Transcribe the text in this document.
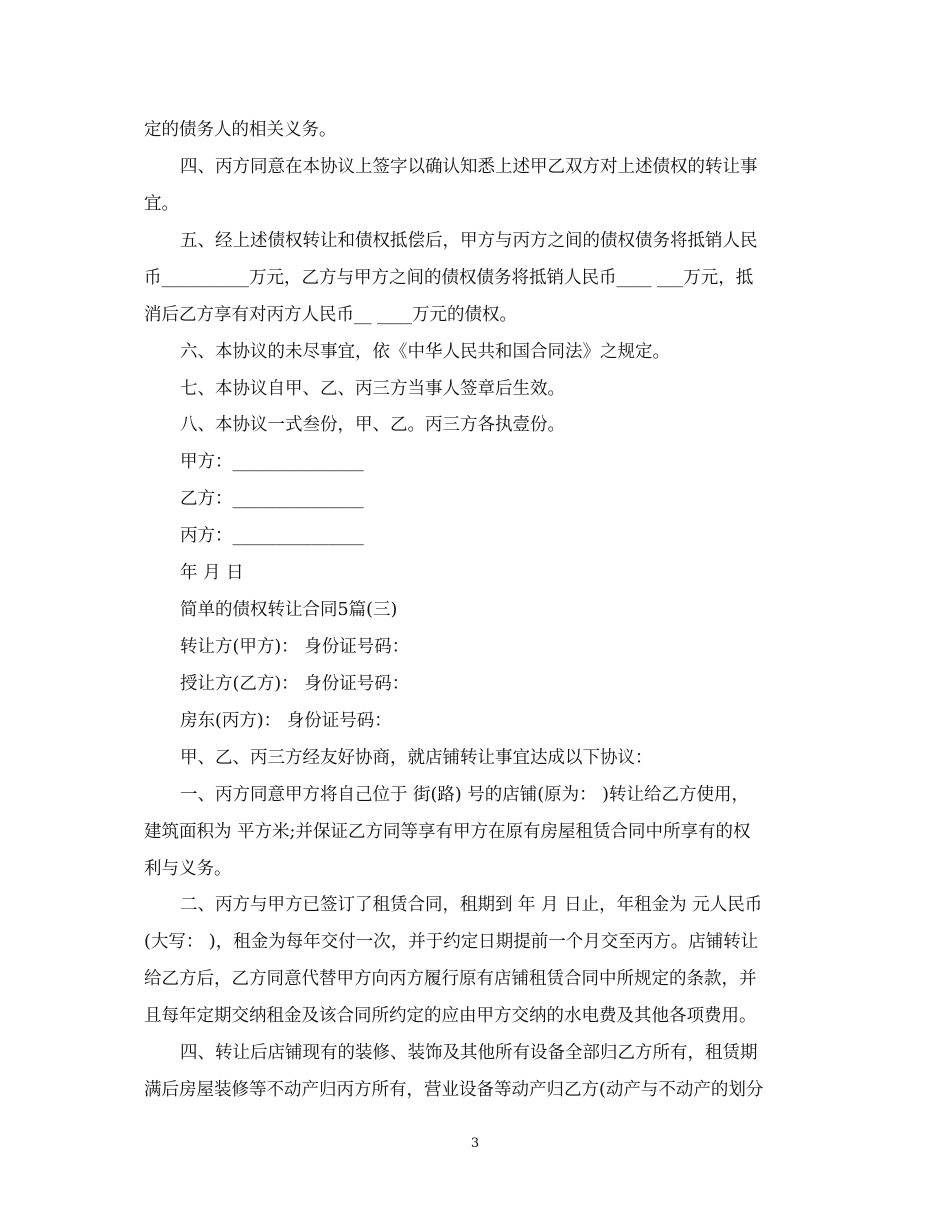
定的债务人的相关义务。
四、丙方同意在本协议上签字以确认知悉上述甲乙双方对上述债权的转让事
宜。
五、经上述债权转让和债权抵偿后，甲方与丙方之间的债权债务将抵销人民
币__________万元，乙方与甲方之间的债权债务将抵销人民币____ ___万元，抵
消后乙方享有对丙方人民币__ ____万元的债权。
六、本协议的未尽事宜，依《中华人民共和国合同法》之规定。
七、本协议自甲、乙、丙三方当事人签章后生效。
八、本协议一式叁份，甲、乙。丙三方各执壹份。
甲方：_______________
乙方：_______________
丙方：_______________
年 月 日
简单的债权转让合同5篇(三)
转让方(甲方)： 身份证号码：
授让方(乙方)： 身份证号码：
房东(丙方)： 身份证号码：
甲、乙、丙三方经友好协商，就店铺转让事宜达成以下协议：
一、丙方同意甲方将自己位于 街(路) 号的店铺(原为： )转让给乙方使用，
建筑面积为 平方米;并保证乙方同等享有甲方在原有房屋租赁合同中所享有的权
利与义务。
二、丙方与甲方已签订了租赁合同，租期到 年 月 日止，年租金为 元人民币
(大写： )，租金为每年交付一次，并于约定日期提前一个月交至丙方。店铺转让
给乙方后，乙方同意代替甲方向丙方履行原有店铺租赁合同中所规定的条款，并
且每年定期交纳租金及该合同所约定的应由甲方交纳的水电费及其他各项费用。
四、转让后店铺现有的装修、装饰及其他所有设备全部归乙方所有，租赁期
满后房屋装修等不动产归丙方所有，营业设备等动产归乙方(动产与不动产的划分
3
